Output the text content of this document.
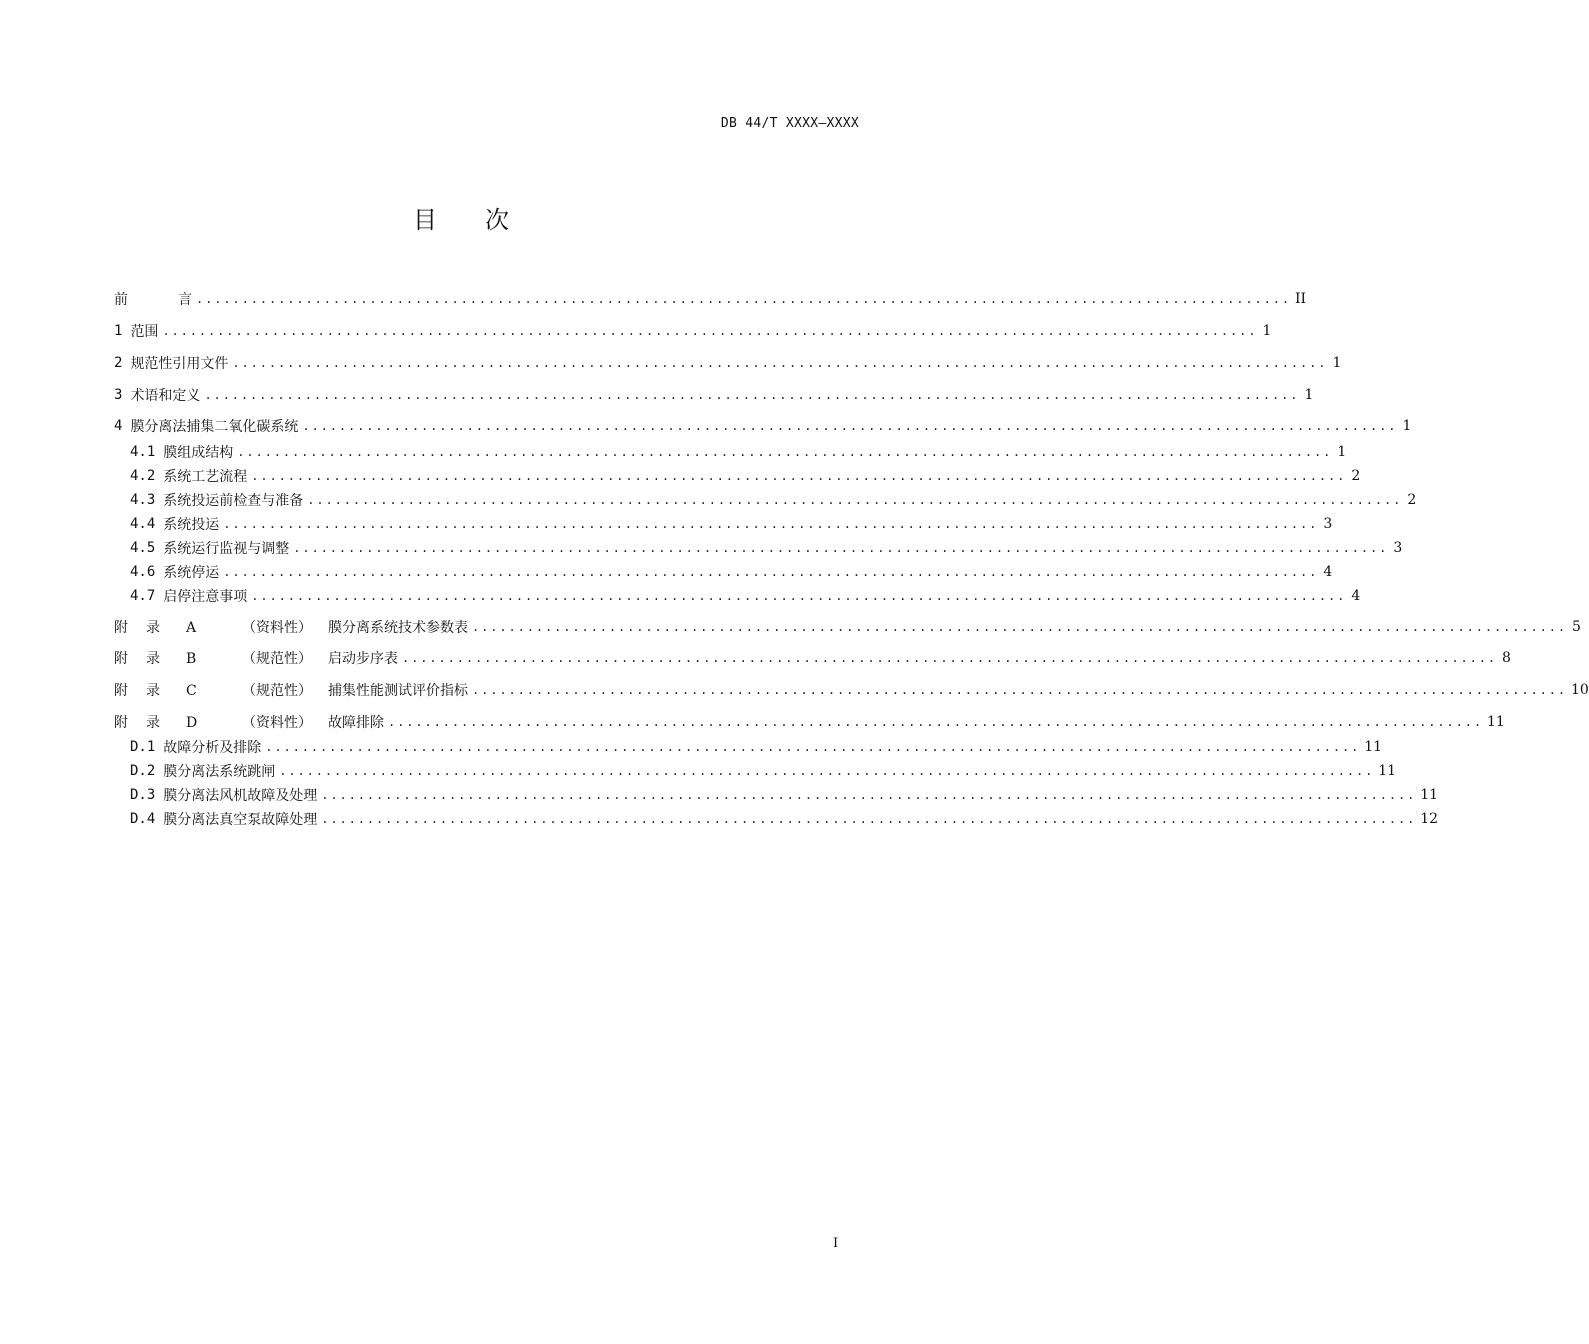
DB 44/T XXXX—XXXX
目次
前	言 ........................................................................................................................ II
1 范围 ........................................................................................................................ 1
2 规范性引用文件 ........................................................................................................................ 1
3 术语和定义 ........................................................................................................................ 1
4 膜分离法捕集二氧化碳系统 ........................................................................................................................ 1
4.1 膜组成结构 ........................................................................................................................ 1
4.2 系统工艺流程 ........................................................................................................................ 2
4.3 系统投运前检查与准备 ........................................................................................................................ 2
4.4 系统投运 ........................................................................................................................ 3
4.5 系统运行监视与调整 ........................................................................................................................ 3
4.6 系统停运 ........................................................................................................................ 4
4.7 启停注意事项 ........................................................................................................................ 4
附 录 A	（资料性） 膜分离系统技术参数表 ........................................................................................................................ 5
附 录 B	（规范性） 启动步序表 ........................................................................................................................ 8
附 录 C	（规范性） 捕集性能测试评价指标 ........................................................................................................................ 10
附 录 D	（资料性） 故障排除 ........................................................................................................................ 11
D.1 故障分析及排除 ........................................................................................................................ 11
D.2 膜分离法系统跳闸 ........................................................................................................................ 11
D.3 膜分离法风机故障及处理 ........................................................................................................................ 11
D.4 膜分离法真空泵故障处理 ........................................................................................................................ 12
I
